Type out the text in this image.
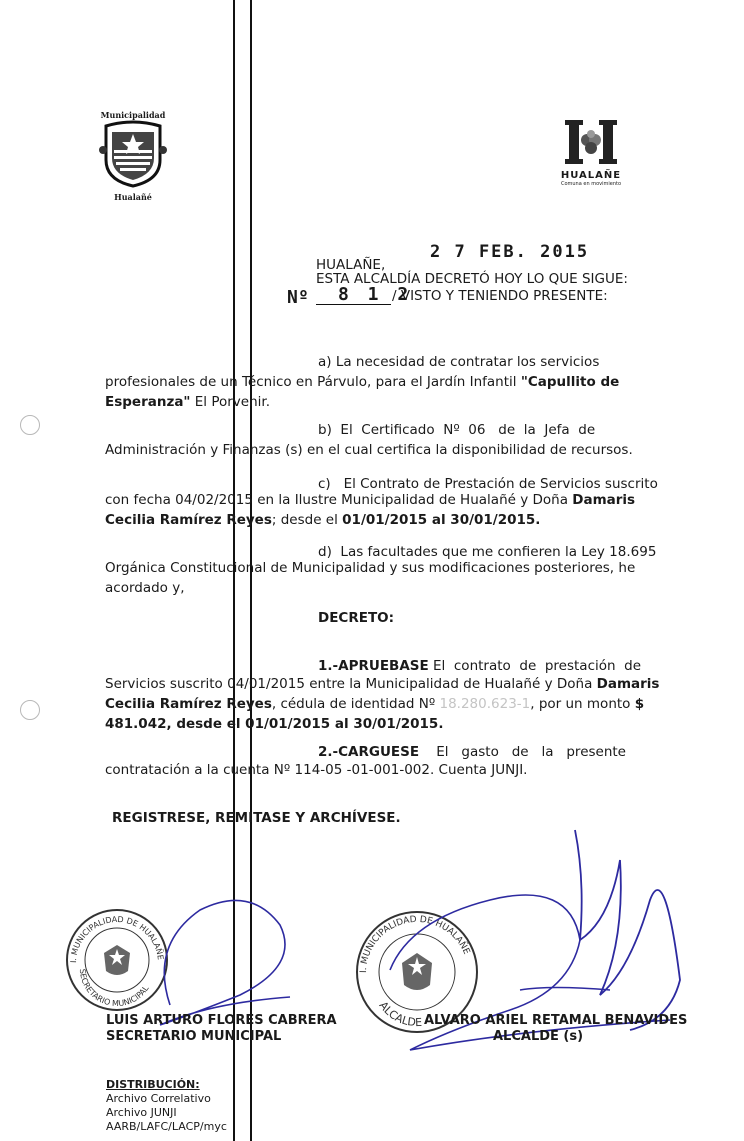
Municipalidad
Hualañé
HUALAÑE
Comuna en movimiento
HUALAÑE,
2 7 FEB. 2015
ESTA ALCALDÍA DECRETÓ HOY LO QUE SIGUE:
Nº 8 1 2
/ VISTO Y TENIENDO PRESENTE:
a) La necesidad de contratar los servicios
profesionales de un Técnico en Párvulo, para el Jardín Infantil "Capullito de Esperanza" El Porvenir.
b)  El  Certificado  Nº  06   de  la  Jefa  de
Administración y Finanzas (s) en el cual certifica la disponibilidad de recursos.
c)   El Contrato de Prestación de Servicios suscrito
con fecha 04/02/2015 en la Ilustre Municipalidad de Hualañé y Doña Damaris Cecilia Ramírez Reyes; desde el 01/01/2015 al 30/01/2015.
d)  Las facultades que me confieren la Ley 18.695
Orgánica Constitucional de Municipalidad y sus modificaciones posteriores, he acordado y,
DECRETO:
1.-APRUEBASE El  contrato  de  prestación  de
Servicios suscrito 04/01/2015 entre la Municipalidad de Hualañé y Doña Damaris Cecilia Ramírez Reyes, cédula de identidad Nº 18.280.623-1, por un monto $ 481.042, desde el 01/01/2015 al 30/01/2015.
2.-CARGUESE El   gasto   de   la   presente
contratación a la cuenta Nº 114-05 -01-001-002. Cuenta JUNJI.
REGISTRESE, REMITASE Y ARCHÍVESE.
I. MUNICIPALIDAD DE HUALAÑE
SECRETARIO MUNICIPAL
I. MUNICIPALIDAD DE HUALAÑE
ALCALDE
LUIS ARTURO FLORES CABRERA
SECRETARIO MUNICIPAL
ALVARO ARIEL RETAMAL BENAVIDES
ALCALDE (s)
DISTRIBUCIÓN:
Archivo Correlativo
Archivo JUNJI
AARB/LAFC/LACP/myc
